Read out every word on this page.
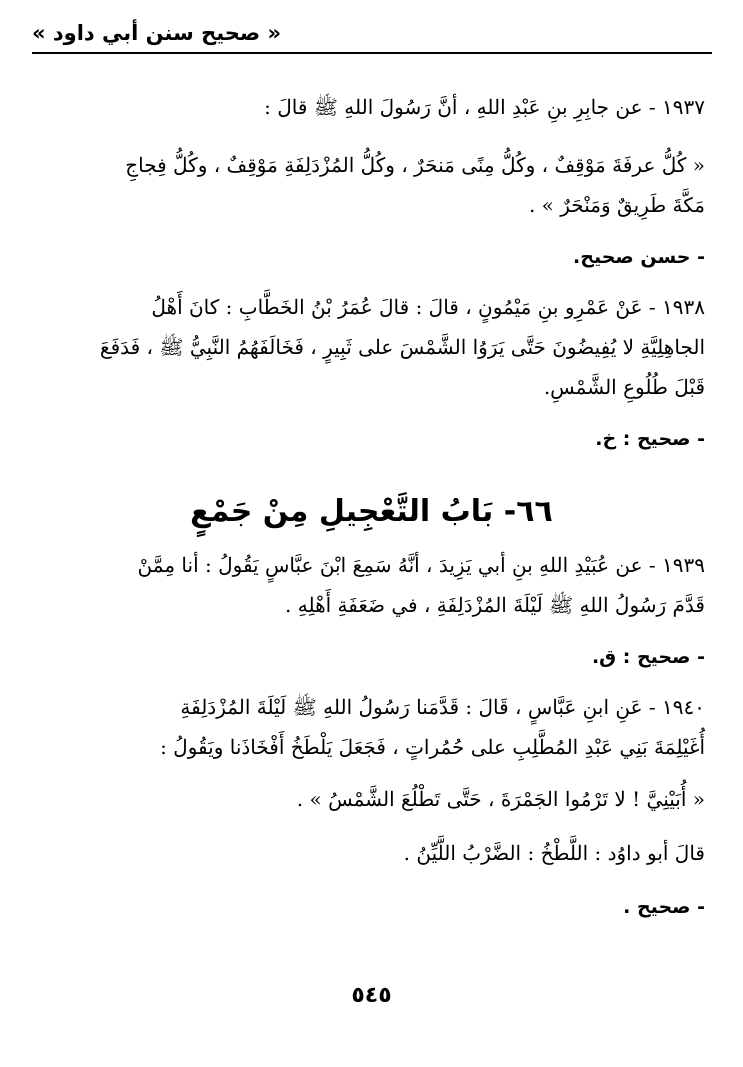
« صحيح سنن أبي داود »
١٩٣٧ - عن جابِرِ بنِ عَبْدِ اللهِ ، أنَّ رَسُولَ اللهِ ﷺ قالَ :
« كُلُّ عرفَةَ مَوْقِفٌ ، وكُلُّ مِنًى مَنحَرٌ ، وكُلُّ المُزْدَلِفَةِ مَوْقِفٌ ، وكُلُّ فِجاجِ
مَكَّةَ طَرِيقٌ وَمَنْحَرٌ » .
- حسن صحيح.
١٩٣٨ - عَنْ عَمْرِو بنِ مَيْمُونٍ ، قالَ : قالَ عُمَرُ بْنُ الخَطَّابِ : كانَ أَهْلُ
الجاهِلِيَّةِ لا يُفِيضُونَ حَتَّى يَرَوُا الشَّمْسَ على ثَبِيرٍ ، فَخَالَفَهُمُ النَّبِيُّ ﷺ ، فَدَفَعَ
قَبْلَ طُلُوعِ الشَّمْسِ.
- صحيح : خ.
٦٦- بَابُ التَّعْجِيلِ مِنْ جَمْعٍ
١٩٣٩ - عن عُبَيْدِ اللهِ بنِ أبي يَزِيدَ ، أنَّهُ سَمِعَ ابْنَ عبَّاسٍ يَقُولُ : أنا مِمَّنْ
قَدَّمَ رَسُولُ اللهِ ﷺ لَيْلَةَ المُزْدَلِفَةِ ، في ضَعَفَةِ أَهْلِهِ .
- صحيح : ق.
١٩٤٠ - عَنِ ابنِ عَبَّاسٍ ، قَالَ : قَدَّمَنا رَسُولُ اللهِ ﷺ لَيْلَةَ المُزْدَلِفَةِ
أُغَيْلِمَةَ بَنِي عَبْدِ المُطَّلِبِ على حُمُراتٍ ، فَجَعَلَ يَلْطَخُ أَفْخَاذَنا ويَقُولُ :
« أُبَيْنِيَّ ! لا تَرْمُوا الجَمْرَةَ ، حَتَّى تَطْلُعَ الشَّمْسُ » .
قالَ أبو داوُد : اللَّطْخُ : الضَّرْبُ اللَّيِّنُ .
- صحيح .
٥٤٥
